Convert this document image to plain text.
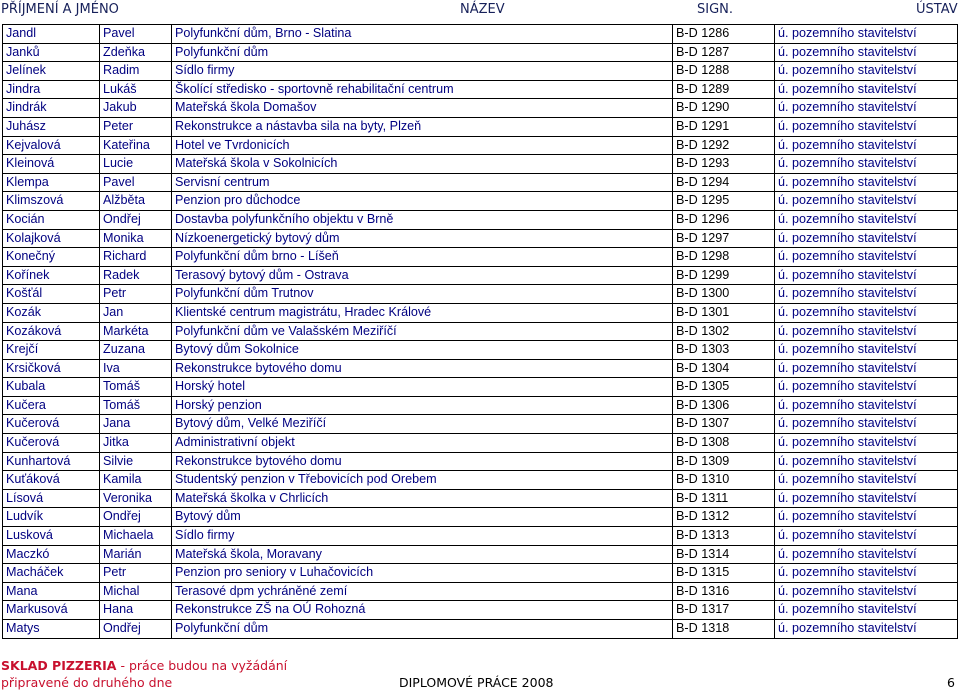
PŘÍJMENÍ A JMÉNO	NÁZEV	SIGN.	ÚSTAV
Jandl	Pavel	Polyfunkční dům, Brno - Slatina	B-D 1286	ú. pozemního stavitelství
Janků	Zdeňka	Polyfunkční dům	B-D 1287	ú. pozemního stavitelství
Jelínek	Radim	Sídlo firmy	B-D 1288	ú. pozemního stavitelství
Jindra	Lukáš	Školící středisko - sportovně rehabilitační centrum	B-D 1289	ú. pozemního stavitelství
Jindrák	Jakub	Mateřská škola Domašov	B-D 1290	ú. pozemního stavitelství
Juhász	Peter	Rekonstrukce a nástavba sila na byty, Plzeň	B-D 1291	ú. pozemního stavitelství
Kejvalová	Kateřina	Hotel ve Tvrdonicích	B-D 1292	ú. pozemního stavitelství
Kleinová	Lucie	Mateřská škola v Sokolnicích	B-D 1293	ú. pozemního stavitelství
Klempa	Pavel	Servisní centrum	B-D 1294	ú. pozemního stavitelství
Klimszová	Alžběta	Penzion pro důchodce	B-D 1295	ú. pozemního stavitelství
Kocián	Ondřej	Dostavba polyfunkčního objektu v Brně	B-D 1296	ú. pozemního stavitelství
Kolajková	Monika	Nízkoenergetický bytový dům	B-D 1297	ú. pozemního stavitelství
Konečný	Richard	Polyfunkční dům brno - Líšeň	B-D 1298	ú. pozemního stavitelství
Kořínek	Radek	Terasový bytový dům - Ostrava	B-D 1299	ú. pozemního stavitelství
Košťál	Petr	Polyfunkční dům Trutnov	B-D 1300	ú. pozemního stavitelství
Kozák	Jan	Klientské centrum magistrátu, Hradec Králové	B-D 1301	ú. pozemního stavitelství
Kozáková	Markéta	Polyfunkční dům ve Valašském Meziříčí	B-D 1302	ú. pozemního stavitelství
Krejčí	Zuzana	Bytový dům Sokolnice	B-D 1303	ú. pozemního stavitelství
Krsičková	Iva	Rekonstrukce bytového domu	B-D 1304	ú. pozemního stavitelství
Kubala	Tomáš	Horský hotel	B-D 1305	ú. pozemního stavitelství
Kučera	Tomáš	Horský penzion	B-D 1306	ú. pozemního stavitelství
Kučerová	Jana	Bytový dům, Velké Meziříčí	B-D 1307	ú. pozemního stavitelství
Kučerová	Jitka	Administrativní objekt	B-D 1308	ú. pozemního stavitelství
Kunhartová	Silvie	Rekonstrukce bytového domu	B-D 1309	ú. pozemního stavitelství
Kuťáková	Kamila	Studentský penzion v Třebovicích pod Orebem	B-D 1310	ú. pozemního stavitelství
Lísová	Veronika	Mateřská školka v Chrlicích	B-D 1311	ú. pozemního stavitelství
Ludvík	Ondřej	Bytový dům	B-D 1312	ú. pozemního stavitelství
Lusková	Michaela	Sídlo firmy	B-D 1313	ú. pozemního stavitelství
Maczkó	Marián	Mateřská škola, Moravany	B-D 1314	ú. pozemního stavitelství
Macháček	Petr	Penzion pro seniory v Luhačovicích	B-D 1315	ú. pozemního stavitelství
Mana	Michal	Terasové dpm ychráněné zemí	B-D 1316	ú. pozemního stavitelství
Markusová	Hana	Rekonstrukce ZŠ na OÚ Rohozná	B-D 1317	ú. pozemního stavitelství
Matys	Ondřej	Polyfunkční dům	B-D 1318	ú. pozemního stavitelství
SKLAD PIZZERIA - práce budou na vyžádání
připravené do druhého dne	DIPLOMOVÉ PRÁCE 2008	6
